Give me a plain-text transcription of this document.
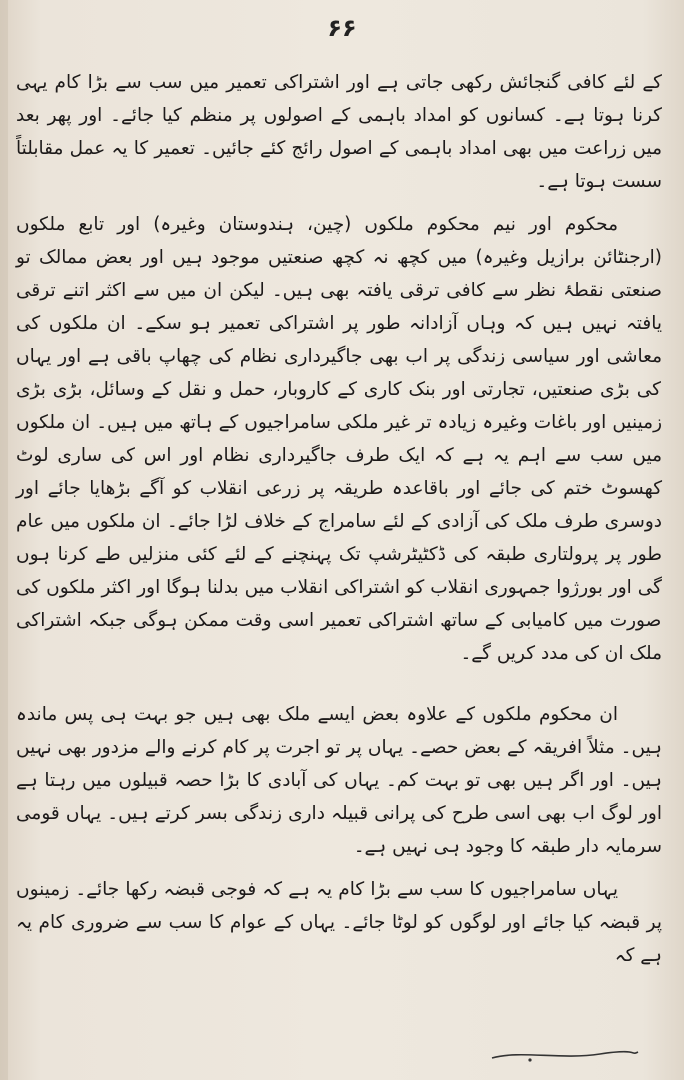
۶۶

کے لئے کافی گنجائش رکھی جاتی ہے اور اشتراکی تعمیر میں سب سے بڑا کام یہی کرنا ہوتا ہے۔ کسانوں کو امداد باہمی کے اصولوں پر منظم کیا جائے۔ اور پھر بعد میں زراعت میں بھی امداد باہمی کے اصول رائج کئے جائیں۔ تعمیر کا یہ عمل مقابلتاً سست ہوتا ہے۔

محکوم اور نیم محکوم ملکوں (چین، ہندوستان وغیرہ) اور تابع ملکوں (ارجنٹائن برازیل وغیرہ) میں کچھ نہ کچھ صنعتیں موجود ہیں اور بعض ممالک تو صنعتی نقطۂ نظر سے کافی ترقی یافتہ بھی ہیں۔ لیکن ان میں سے اکثر اتنے ترقی یافتہ نہیں ہیں کہ وہاں آزادانہ طور پر اشتراکی تعمیر ہو سکے۔ ان ملکوں کی معاشی اور سیاسی زندگی پر اب بھی جاگیرداری نظام کی چھاپ باقی ہے اور یہاں کی بڑی صنعتیں، تجارتی اور بنک کاری کے کاروبار، حمل و نقل کے وسائل، بڑی بڑی زمینیں اور باغات وغیرہ زیادہ تر غیر ملکی سامراجیوں کے ہاتھ میں ہیں۔ ان ملکوں میں سب سے اہم یہ ہے کہ ایک طرف جاگیرداری نظام اور اس کی ساری لوٹ کھسوٹ ختم کی جائے اور باقاعدہ طریقہ پر زرعی انقلاب کو آگے بڑھایا جائے اور دوسری طرف ملک کی آزادی کے لئے سامراج کے خلاف لڑا جائے۔ ان ملکوں میں عام طور پر پرولتاری طبقہ کی ڈکٹیٹرشپ تک پہنچنے کے لئے کئی منزلیں طے کرنا ہوں گی اور بورژوا جمہوری انقلاب کو اشتراکی انقلاب میں بدلنا ہوگا اور اکثر ملکوں کی صورت میں کامیابی کے ساتھ اشتراکی تعمیر اسی وقت ممکن ہوگی جبکہ اشتراکی ملک ان کی مدد کریں گے۔

ان محکوم ملکوں کے علاوہ بعض ایسے ملک بھی ہیں جو بہت ہی پس ماندہ ہیں۔ مثلاً افریقہ کے بعض حصے۔ یہاں پر تو اجرت پر کام کرنے والے مزدور بھی نہیں ہیں۔ اور اگر ہیں بھی تو بہت کم۔ یہاں کی آبادی کا بڑا حصہ قبیلوں میں رہتا ہے اور لوگ اب بھی اسی طرح کی پرانی قبیلہ داری زندگی بسر کرتے ہیں۔ یہاں قومی سرمایہ دار طبقہ کا وجود ہی نہیں ہے۔

یہاں سامراجیوں کا سب سے بڑا کام یہ ہے کہ فوجی قبضہ رکھا جائے۔ زمینوں پر قبضہ کیا جائے اور لوگوں کو لوٹا جائے۔ یہاں کے عوام کا سب سے ضروری کام یہ ہے کہ
